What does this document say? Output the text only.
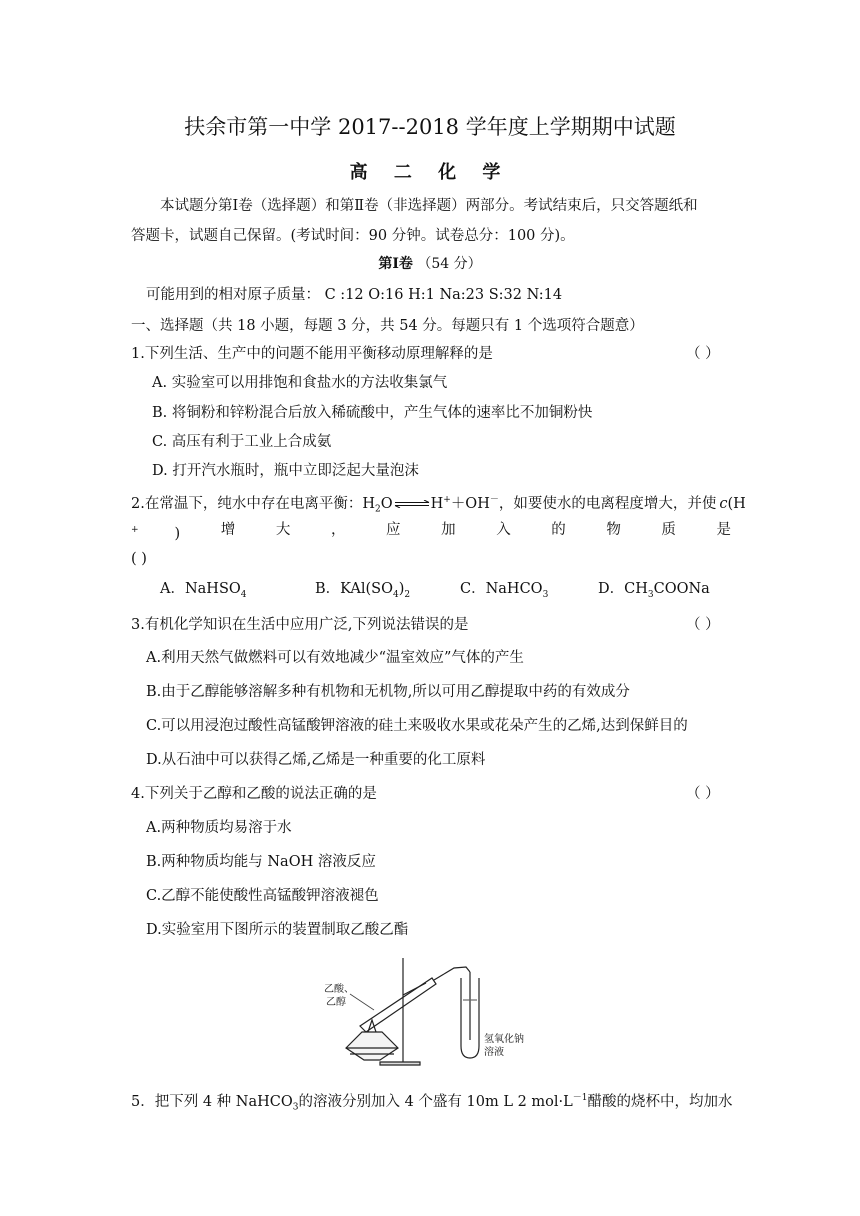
扶余市第一中学 2017--2018 学年度上学期期中试题
高 二 化 学
本试题分第Ⅰ卷（选择题）和第Ⅱ卷（非选择题）两部分。考试结束后，只交答题纸和
答题卡，试题自己保留。(考试时间：90 分钟。试卷总分：100 分)。
第Ⅰ卷 （54 分）
可能用到的相对原子质量： C :12 O:16 H:1 Na:23 S:32 N:14
一、选择题（共 18 小题，每题 3 分，共 54 分。每题只有 1 个选项符合题意）
1.下列生活、生产中的问题不能用平衡移动原理解释的是	（ ）
A. 实验室可以用排饱和食盐水的方法收集氯气
B. 将铜粉和锌粉混合后放入稀硫酸中，产生气体的速率比不加铜粉快
C. 高压有利于工业上合成氨
D. 打开汽水瓶时，瓶中立即泛起大量泡沫
2.在常温下，纯水中存在电离平衡：$H_2O\rightleftharpoons H^++OH^-$，如要使水的电离程度增大，并使 c(H
+ )	增	大	，	应	加	入	的	物	质	是
( )
A．NaHSO$_4$	B．$KAl(SO_4)_2$	C．NaHCO$_3$	D．$CH_3COONa$
3.有机化学知识在生活中应用广泛,下列说法错误的是	（ ）
A.利用天然气做燃料可以有效地减少“温室效应”气体的产生
B.由于乙醇能够溶解多种有机物和无机物,所以可用乙醇提取中药的有效成分
C.可以用浸泡过酸性高锰酸钾溶液的硅土来吸收水果或花朵产生的乙烯,达到保鲜目的
D.从石油中可以获得乙烯,乙烯是一种重要的化工原料
4.下列关于乙醇和乙酸的说法正确的是	（ ）
A.两种物质均易溶于水
B.两种物质均能与 NaOH 溶液反应
C.乙醇不能使酸性高锰酸钾溶液褪色
D.实验室用下图所示的装置制取乙酸乙酯
乙酸、
乙醇
氢氧化钠
溶液
5．把下列 4 种 NaHCO$_3$的溶液分别加入 4 个盛有 10m L 2 $mol\cdot L^{-1}$醋酸的烧杯中，均加水
